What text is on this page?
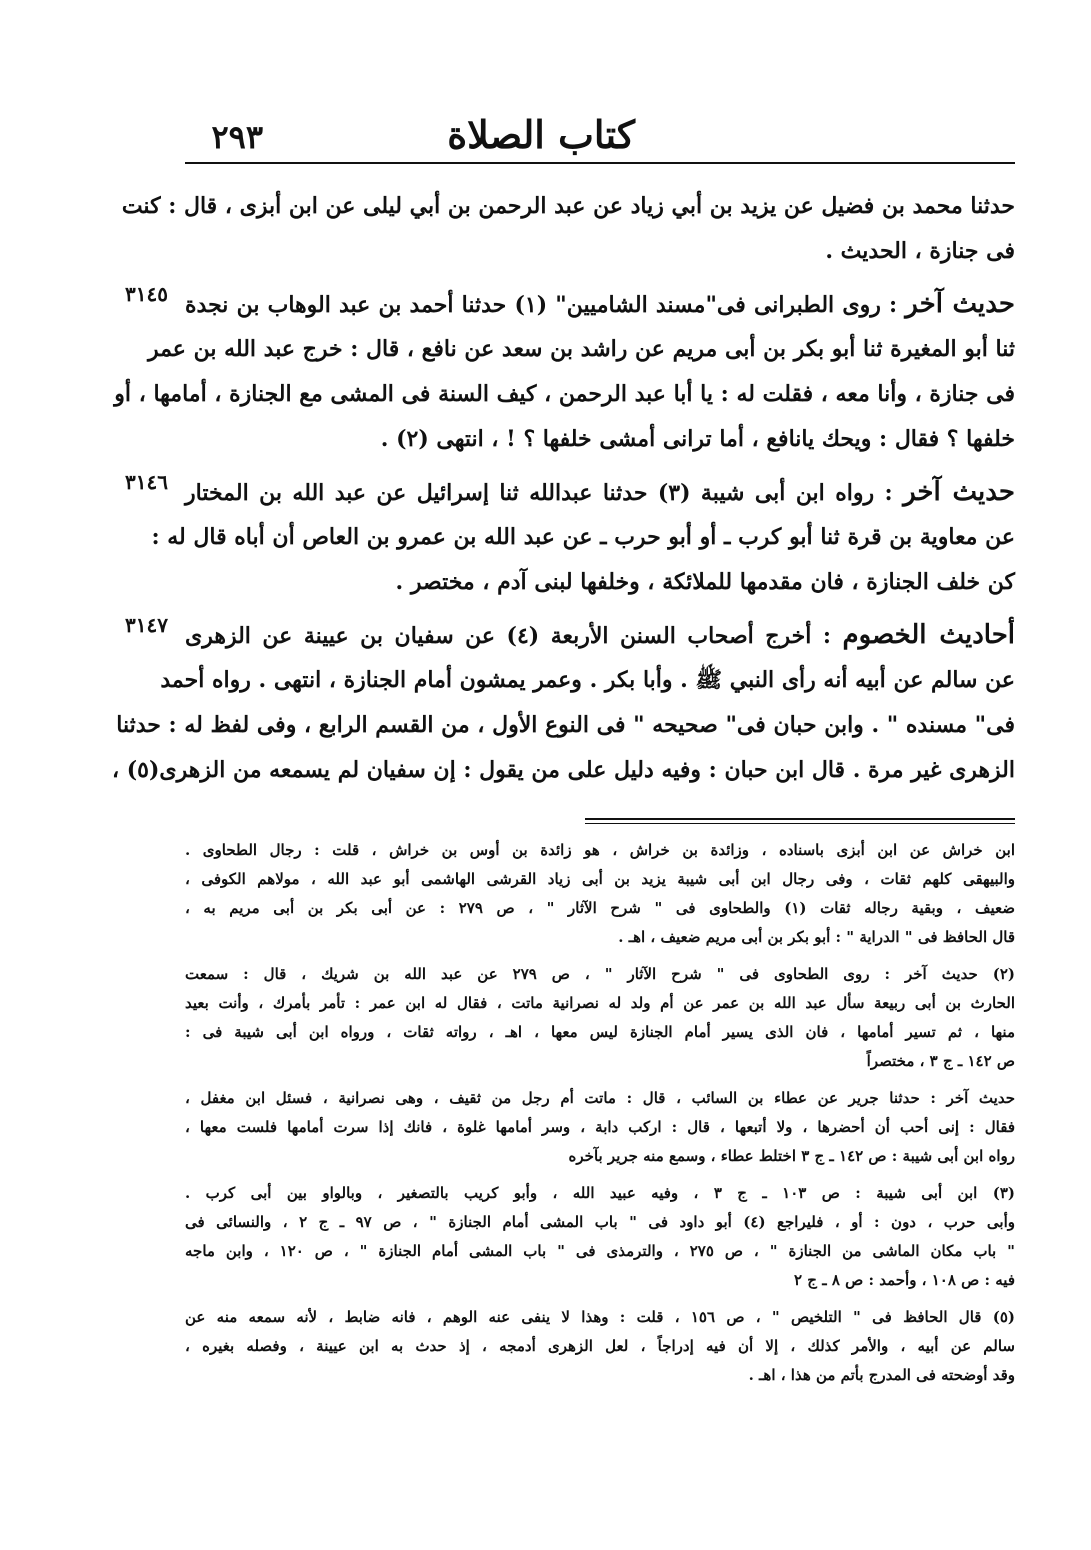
كتاب الصلاة
٢٩٣

حدثنا محمد بن فضيل عن يزيد بن أبي زياد عن عبد الرحمن بن أبي ليلى عن ابن أبزى ، قال : كنت

فى جنازة ، الحديث .

٣١٤٥	حديث آخر : روى الطبرانى فى"مسند الشاميين" (١) حدثنا أحمد بن عبد الوهاب بن نجدة

ثنا أبو المغيرة ثنا أبو بكر بن أبى مريم عن راشد بن سعد عن نافع ، قال : خرج عبد الله بن عمر

فى جنازة ، وأنا معه ، فقلت له : يا أبا عبد الرحمن ، كيف السنة فى المشى مع الجنازة ، أمامها ، أو

خلفها ؟ فقال : ويحك يانافع ، أما ترانى أمشى خلفها ؟ ! ، انتهى (٢) .

٣١٤٦	حديث آخر : رواه ابن أبى شيبة (٣) حدثنا عبدالله ثنا إسرائيل عن عبد الله بن المختار

عن معاوية بن قرة ثنا أبو كرب ـ أو أبو حرب ـ عن عبد الله بن عمرو بن العاص أن أباه قال له :

كن خلف الجنازة ، فان مقدمها للملائكة ، وخلفها لبنى آدم ، مختصر .

٣١٤٧	أحاديث الخصوم : أخرج أصحاب السنن الأربعة (٤) عن سفيان بن عيينة عن الزهرى

عن سالم عن أبيه أنه رأى النبي ﷺ . وأبا بكر . وعمر يمشون أمام الجنازة ، انتهى . رواه أحمد

فى" مسنده " . وابن حبان فى" صحيحه " فى النوع الأول ، من القسم الرابع ، وفى لفظ له : حدثنا

الزهرى غير مرة . قال ابن حبان : وفيه دليل على من يقول : إن سفيان لم يسمعه من الزهرى(٥) ،

ابن خراش عن ابن أبزى باسناده ، وزائدة بن خراش ، هو زائدة بن أوس بن خراش ، قلت : رجال الطحاوى .
والبيهقى كلهم ثقات ، وفى رجال ابن أبى شيبة يزيد بن أبى زياد القرشى الهاشمى أبو عبد الله ، مولاهم الكوفى ،
ضعيف ، وبقية رجاله ثقات (١) والطحاوى فى " شرح الآثار " ، ص ٢٧٩ : عن أبى بكر بن أبى مريم به ،
قال الحافظ فى " الدراية " : أبو بكر بن أبى مريم ضعيف ، اهـ .
(٢) حديث آخر : روى الطحاوى فى " شرح الآثار " ، ص ٢٧٩ عن عبد الله بن شريك ، قال : سمعت
الحارث بن أبى ربيعة سأل عبد الله بن عمر عن أم ولد له نصرانية ماتت ، فقال له ابن عمر : تأمر بأمرك ، وأنت بعيد
منها ، ثم تسير أمامها ، فان الذى يسير أمام الجنازة ليس معها ، اهـ ، رواته ثقات ، ورواه ابن أبى شيبة فى :
ص ١٤٢ ـ ج ٣ ، مختصراً
حديث آخر : حدثنا جرير عن عطاء بن السائب ، قال : ماتت أم رجل من ثقيف ، وهى نصرانية ، فسئل ابن مغفل ،
فقال : إنى أحب أن أحضرها ، ولا أتبعها ، قال : اركب دابة ، وسر أمامها غلوة ، فانك إذا سرت أمامها فلست معها ،
رواه ابن أبى شيبة : ص ١٤٢ ـ ج ٣ اختلط عطاء ، وسمع منه جرير بآخره
(٣) ابن أبى شيبة : ص ١٠٣ ـ ج ٣ ، وفيه عبيد الله ، وأبو كريب بالتصغير ، وبالواو بين أبى كرب .
وأبى حرب ، دون : أو ، فليراجع (٤) أبو داود فى " باب المشى أمام الجنازة " ، ص ٩٧ ـ ج ٢ ، والنسائى فى
" باب مكان الماشى من الجنازة " ، ص ٢٧٥ ، والترمذى فى " باب المشى أمام الجنازة " ، ص ١٢٠ ، وابن ماجه
فيه : ص ١٠٨ ، وأحمد : ص ٨ ـ ج ٢
(٥) قال الحافظ فى " التلخيص " ، ص ١٥٦ ، قلت : وهذا لا ينفى عنه الوهم ، فانه ضابط ، لأنه سمعه منه عن
سالم عن أبيه ، والأمر كذلك ، إلا أن فيه إدراجاً ، لعل الزهرى أدمجه ، إذ حدث به ابن عيينة ، وفصله بغيره ،
وقد أوضحته فى المدرج بأتم من هذا ، اهـ .
